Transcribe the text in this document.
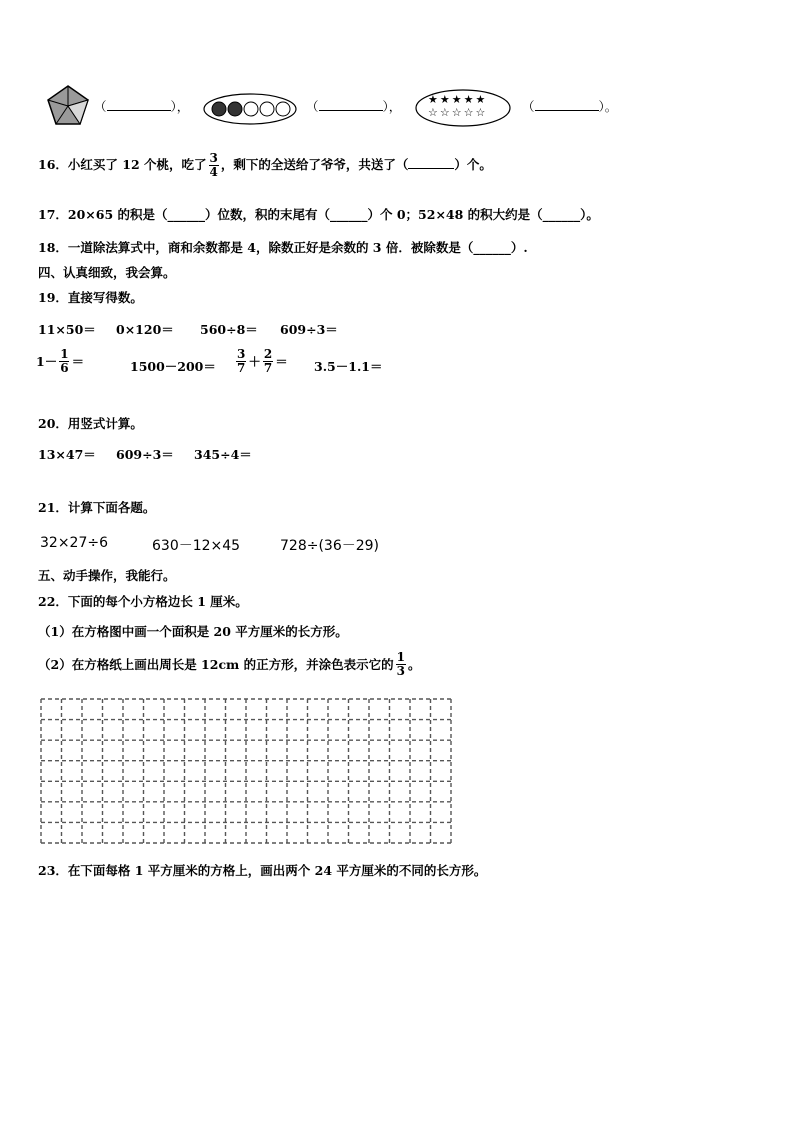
（	），	（	）， ★★★★★
☆☆☆☆☆	（	）。
16．小红买了 12 个桃，吃了 $\frac{3}{4}$ ，剩下的全送给了爷爷，共送了（	）个。
17．20×65 的积是（______）位数，积的末尾有（______）个 0；52×48 的积大约是（______）。
18．一道除法算式中，商和余数都是 4，除数正好是余数的 3 倍．被除数是（______）.
四、认真细致，我会算。
19．直接写得数。
11×50＝ 0×120＝ 560÷8＝ 609÷3＝
$1- \frac{1}{6}$ ＝	$1500-200= \frac{3}{7} + \frac{2}{7} = 3.5-1.1=$
20．用竖式计算。
13×47＝ 609÷3＝ 345÷4＝
21．计算下面各题。
32×27÷6	630－12×45	728÷(36－29)
五、动手操作，我能行。
22．下面的每个小方格边长 1 厘米。
（1）在方格图中画一个面积是 20 平方厘米的长方形。
（2）在方格纸上画出周长是 12cm 的正方形，并涂色表示它的 $\frac{1}{3}$ 。
23．在下面每格 1 平方厘米的方格上，画出两个 24 平方厘米的不同的长方形。
